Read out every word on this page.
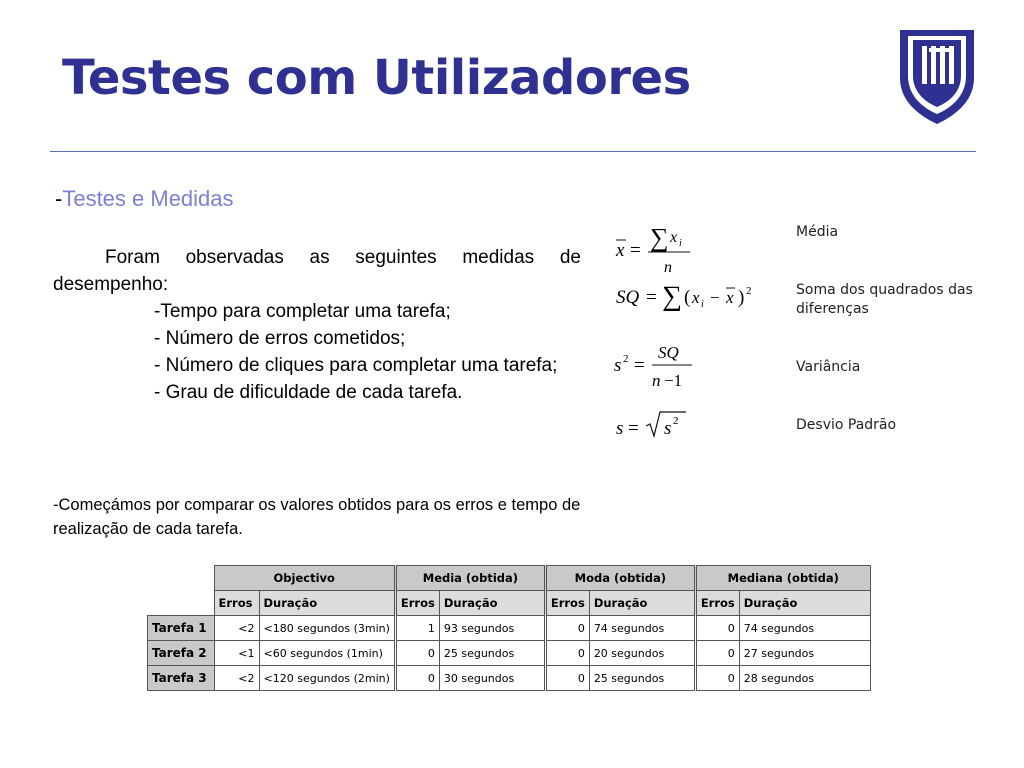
Testes com Utilizadores
-Testes e Medidas

Foram observadas as seguintes medidas de desempenho:

-Tempo para completar uma tarefa;
- Número de erros cometidos;
- Número de cliques para completar uma tarefa;
- Grau de dificuldade de cada tarefa.

-Começámos por comparar os valores obtidos para os erros e tempo de realização de cada tarefa.

x = ∑ x i
n
Média
SQ = ∑ ( x i − x ) 2	Soma dos quadrados das diferenças
s 2 =
SQ
n −1
Variância
s = s 2	Desvio Padrão
	Objectivo		Media (obtida)		Moda (obtida)		Mediana (obtida)	
	Erros	Duração	Erros	Duração	Erros	Duração	Erros	Duração
Tarefa 1	<2	<180 segundos (3min)	1	93 segundos	0	74 segundos	0	74 segundos
Tarefa 2	<1	<60 segundos (1min)	0	25 segundos	0	20 segundos	0	27 segundos
Tarefa 3	<2	<120 segundos (2min)	0	30 segundos	0	25 segundos	0	28 segundos
